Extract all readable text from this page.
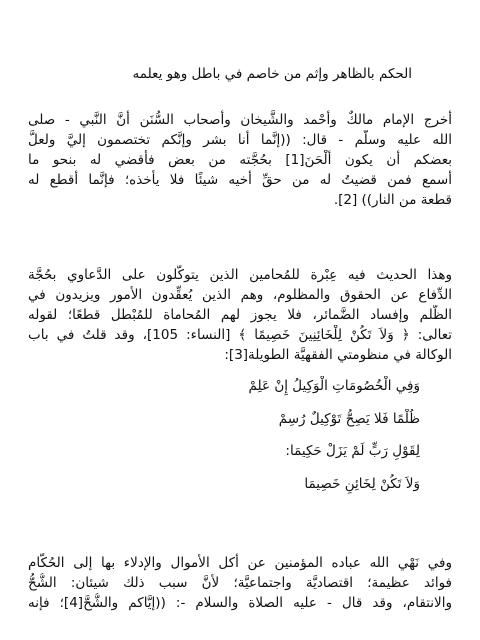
الحكم بالظاهر وإثم من خاصم في باطل وهو يعلمه
أخرج الإمام مالكٌ وأحْمد والشَّيخان وأصحاب السُّنَن أنَّ النَّبي - صلى
الله عليه وسلَّم - قال: ((إنَّما أنا بشر وإنَّكم تختصمون إليَّ ولعلَّ
بعضكم أن يكون ألْحَنَ[1] بحُجَّته من بعض فأقضي له بنحو ما
أسمع فمن قضيتُ له من حقِّ أخيه شيئًا فلا يأخذه؛ فإنَّما أقطع له
قطعة من النار)) [2].
وهذا الحديث فيه عِبْرة للمُحامين الذين يتوكَّلون على الدَّعاوي بحُجَّة
الدِّفاع عن الحقوق والمظلوم، وهم الذين يُعقِّدون الأمور ويزيدون في
الظُّلم وإفساد الضَّمائر، فلا يجوز لهم المُحاماة للمُبْطل قطعًا؛ لقوله
تعالى: ﴿ وَلاَ تَكُنْ لِلْخَائِنِينَ خَصِيمًا ﴾ [النساء: 105]، وقد قلتُ في باب
الوكالة في منظومتي الفقهيَّة الطويلة[3]:
وَفِي الْخُصُومَاتِ الْوَكِيلُ إِنْ عَلِمْ
ظُلْمًا فَلا يَصِحُّ تَوْكِيلٌ رُسِمْ
لِقَوْلِ رَبٍّ لَمْ يَزَلْ حَكِيمَا:
وَلاَ تَكُنْ لِخَائِنٍ خَصِيمَا
وفي نَهْي الله عباده المؤمنين عن أكل الأموال والإدلاء بها إلى الحُكَّام
فوائد عظيمة؛ اقتصاديَّة واجتماعيَّة؛ لأنَّ سبب ذلك شيئان: الشُّحُّ
والانتقام، وقد قال - عليه الصلاة والسلام -: ((إيَّاكم والشُّحَّ[4]؛ فإنه
